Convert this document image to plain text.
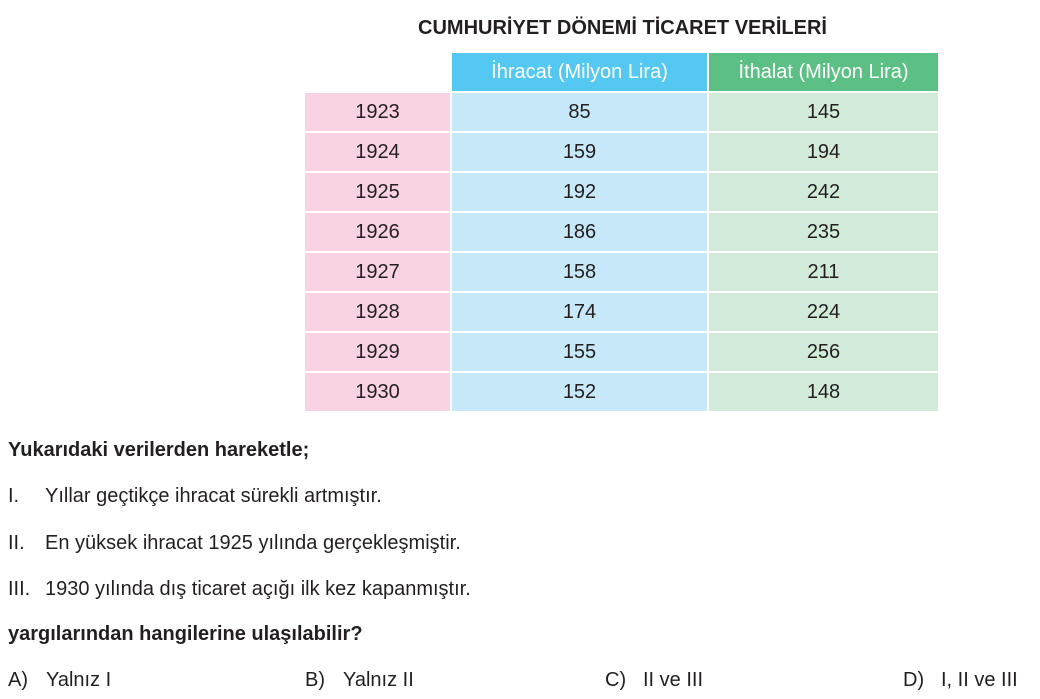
CUMHURİYET DÖNEMİ TİCARET VERİLERİ
	İhracat (Milyon Lira)	İthalat (Milyon Lira)
1923	85	145
1924	159	194
1925	192	242
1926	186	235
1927	158	211
1928	174	224
1929	155	256
1930	152	148
Yukarıdaki verilerden hareketle;
I. Yıllar geçtikçe ihracat sürekli artmıştır.
II. En yüksek ihracat 1925 yılında gerçekleşmiştir.
III. 1930 yılında dış ticaret açığı ilk kez kapanmıştır.
yargılarından hangilerine ulaşılabilir?
A) Yalnız I	B) Yalnız II	C) II ve III	D) I, II ve III
